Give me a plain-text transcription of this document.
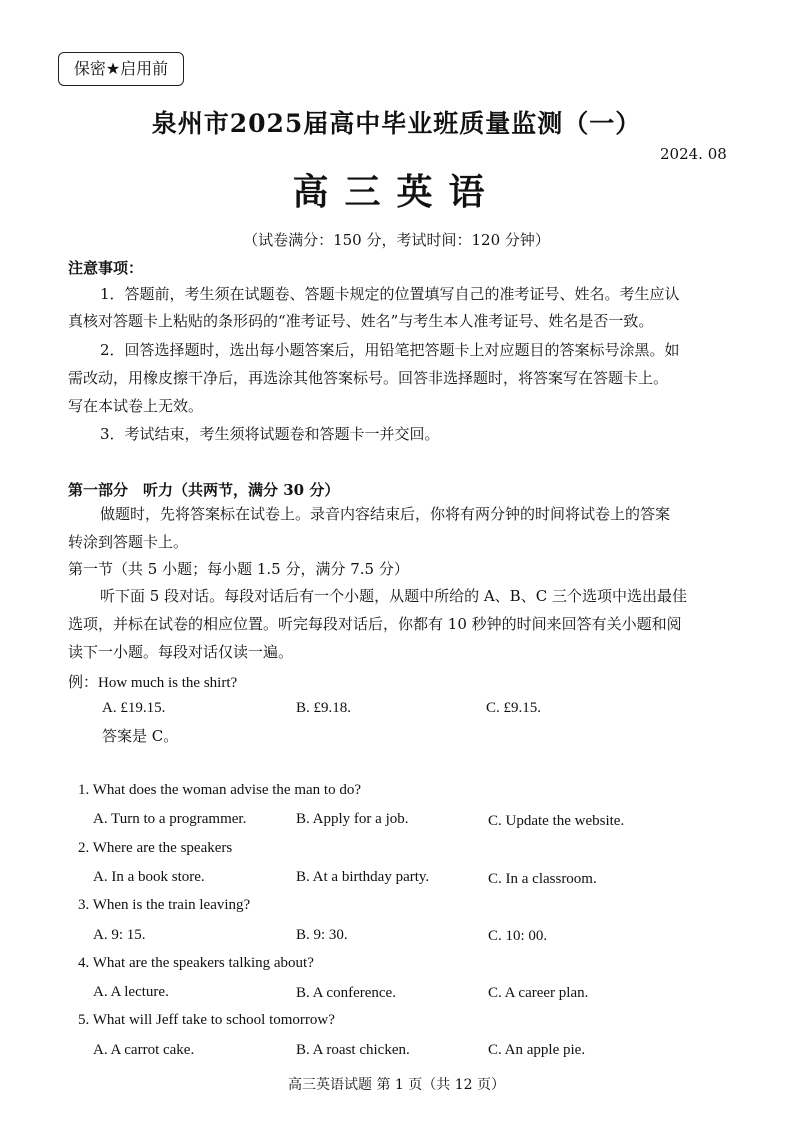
保密★启用前
泉州市2025届高中毕业班质量监测（一）
2024. 08
高三英语
（试卷满分：150 分，考试时间：120 分钟）
注意事项：
1．答题前，考生须在试题卷、答题卡规定的位置填写自己的准考证号、姓名。考生应认
真核对答题卡上粘贴的条形码的“准考证号、姓名”与考生本人准考证号、姓名是否一致。
2．回答选择题时，选出每小题答案后，用铅笔把答题卡上对应题目的答案标号涂黑。如
需改动，用橡皮擦干净后，再选涂其他答案标号。回答非选择题时，将答案写在答题卡上。
写在本试卷上无效。
3．考试结束，考生须将试题卷和答题卡一并交回。
第一部分　听力（共两节，满分 30 分）
做题时，先将答案标在试卷上。录音内容结束后，你将有两分钟的时间将试卷上的答案
转涂到答题卡上。
第一节（共 5 小题；每小题 1.5 分，满分 7.5 分）
听下面 5 段对话。每段对话后有一个小题，从题中所给的 A、B、C 三个选项中选出最佳
选项，并标在试卷的相应位置。听完每段对话后，你都有 10 秒钟的时间来回答有关小题和阅
读下一小题。每段对话仅读一遍。
例：How much is the shirt?
A. £19.15.	B. £9.18.	C. £9.15.
答案是 C。
1. What does the woman advise the man to do?
A. Turn to a programmer.	B. Apply for a job.	C. Update the website.
2. Where are the speakers
A. In a book store.	B. At a birthday party.	C. In a classroom.
3. When is the train leaving?
A. 9: 15.	B. 9: 30.	C. 10: 00.
4. What are the speakers talking about?
A. A lecture.	B. A conference.	C. A career plan.
5. What will Jeff take to school tomorrow?
A. A carrot cake.	B. A roast chicken.	C. An apple pie.
高三英语试题 第 1 页（共 12 页）
